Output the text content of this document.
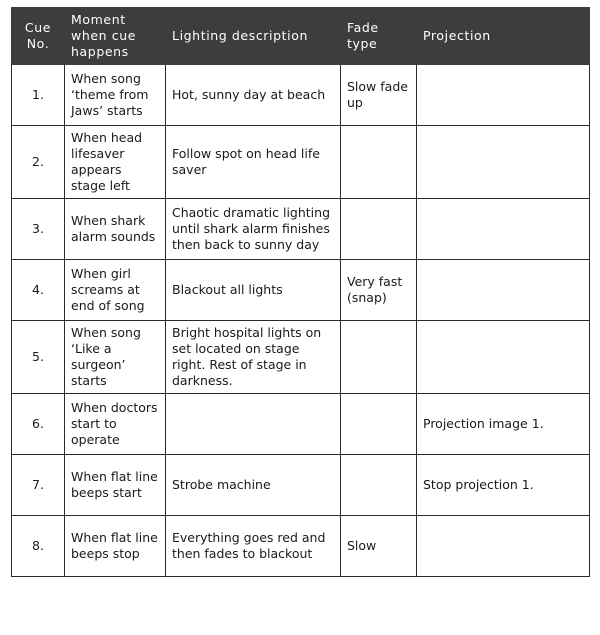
Cue No.	Moment when cue happens	Lighting description	Fade type	Projection
1.	When song ‘theme from Jaws’ starts	Hot, sunny day at beach	Slow fade up	
2.	When head lifesaver appears stage left	Follow spot on head life saver		
3.	When shark alarm sounds	Chaotic dramatic lighting until shark alarm finishes then back to sunny day		
4.	When girl screams at end of song	Blackout all lights	Very fast (snap)	
5.	When song ‘Like a surgeon’ starts	Bright hospital lights on set located on stage right. Rest of stage in darkness.		
6.	When doctors start to operate			Projection image 1.
7.	When flat line beeps start	Strobe machine		Stop projection 1.
8.	When flat line beeps stop	Everything goes red and then fades to blackout	Slow	
